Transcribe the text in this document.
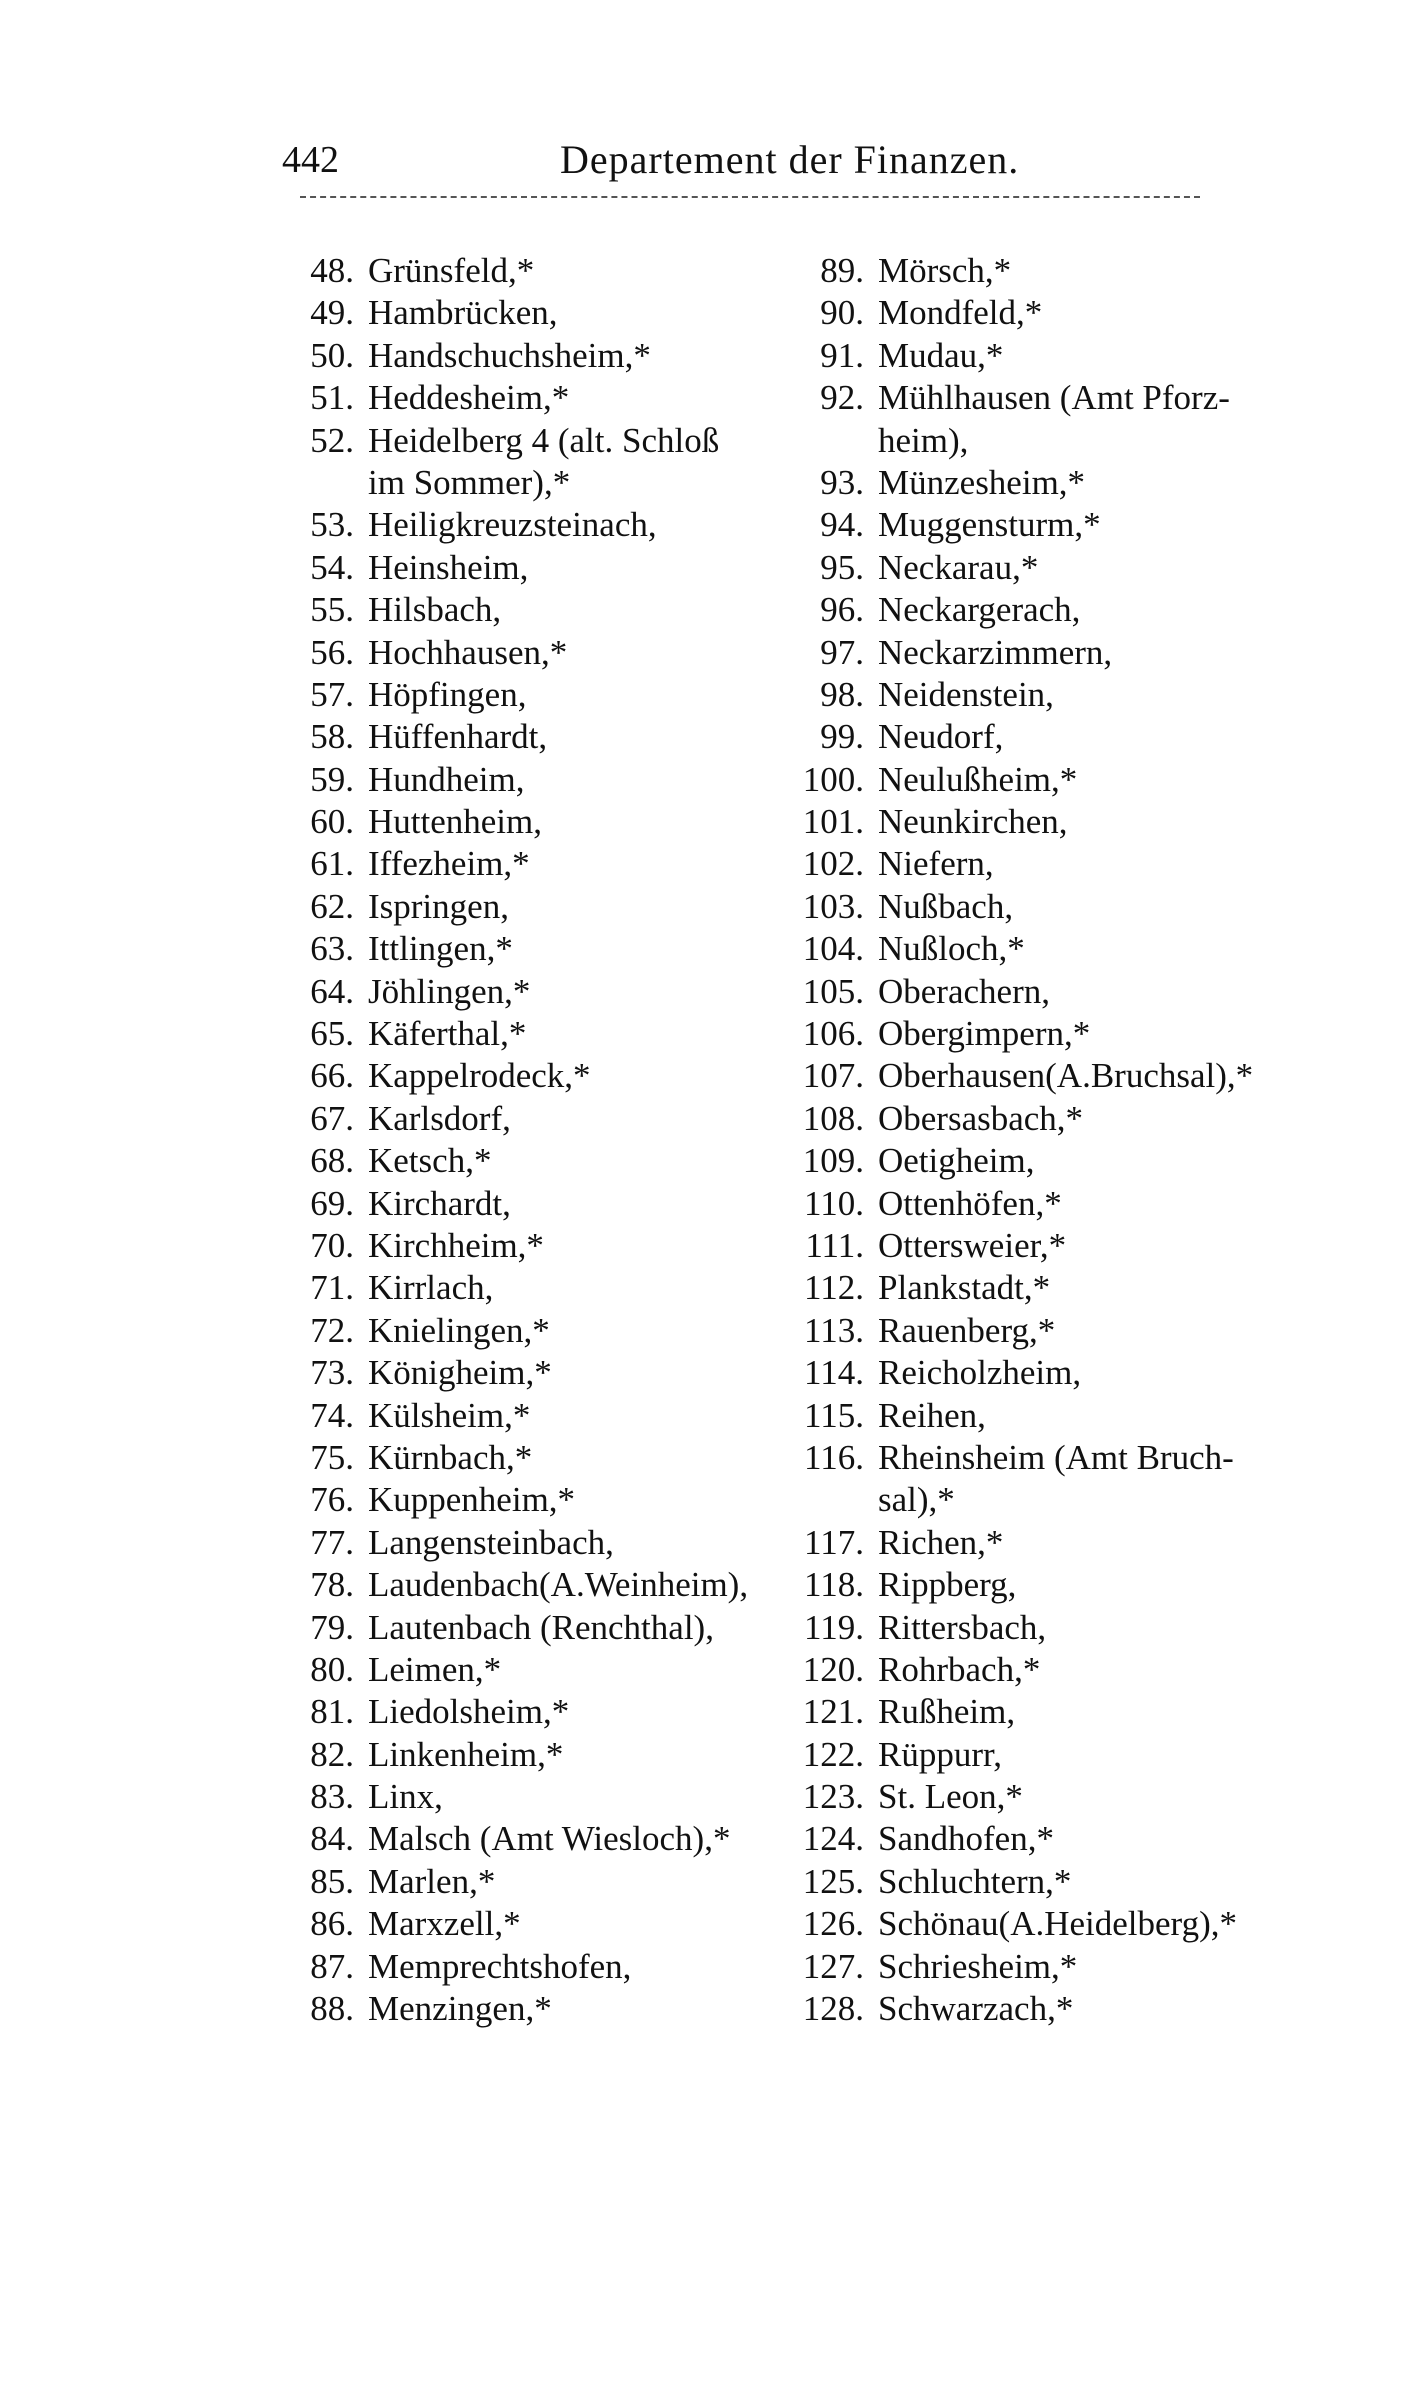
442	Departement der Finanzen.
48. Grünsfeld,*
49. Hambrücken,
50. Handschuchsheim,*
51. Heddesheim,*
52. Heidelberg 4 (alt. Schloß
im Sommer),*
53. Heiligkreuzsteinach,
54. Heinsheim,
55. Hilsbach,
56. Hochhausen,*
57. Höpfingen,
58. Hüffenhardt,
59. Hundheim,
60. Huttenheim,
61. Iffezheim,*
62. Ispringen,
63. Ittlingen,*
64. Jöhlingen,*
65. Käferthal,*
66. Kappelrodeck,*
67. Karlsdorf,
68. Ketsch,*
69. Kirchardt,
70. Kirchheim,*
71. Kirrlach,
72. Knielingen,*
73. Königheim,*
74. Külsheim,*
75. Kürnbach,*
76. Kuppenheim,*
77. Langensteinbach,
78. Laudenbach(A.Weinheim),
79. Lautenbach (Renchthal),
80. Leimen,*
81. Liedolsheim,*
82. Linkenheim,*
83. Linx,
84. Malsch (Amt Wiesloch),*
85. Marlen,*
86. Marxzell,*
87. Memprechtshofen,
88. Menzingen,*
89. Mörsch,*
90. Mondfeld,*
91. Mudau,*
92. Mühlhausen (Amt Pforz-
heim),
93. Münzesheim,*
94. Muggensturm,*
95. Neckarau,*
96. Neckargerach,
97. Neckarzimmern,
98. Neidenstein,
99. Neudorf,
100. Neulußheim,*
101. Neunkirchen,
102. Niefern,
103. Nußbach,
104. Nußloch,*
105. Oberachern,
106. Obergimpern,*
107. Oberhausen(A.Bruchsal),*
108. Obersasbach,*
109. Oetigheim,
110. Ottenhöfen,*
111. Ottersweier,*
112. Plankstadt,*
113. Rauenberg,*
114. Reicholzheim,
115. Reihen,
116. Rheinsheim (Amt Bruch-
sal),*
117. Richen,*
118. Rippberg,
119. Rittersbach,
120. Rohrbach,*
121. Rußheim,
122. Rüppurr,
123. St. Leon,*
124. Sandhofen,*
125. Schluchtern,*
126. Schönau(A.Heidelberg),*
127. Schriesheim,*
128. Schwarzach,*
